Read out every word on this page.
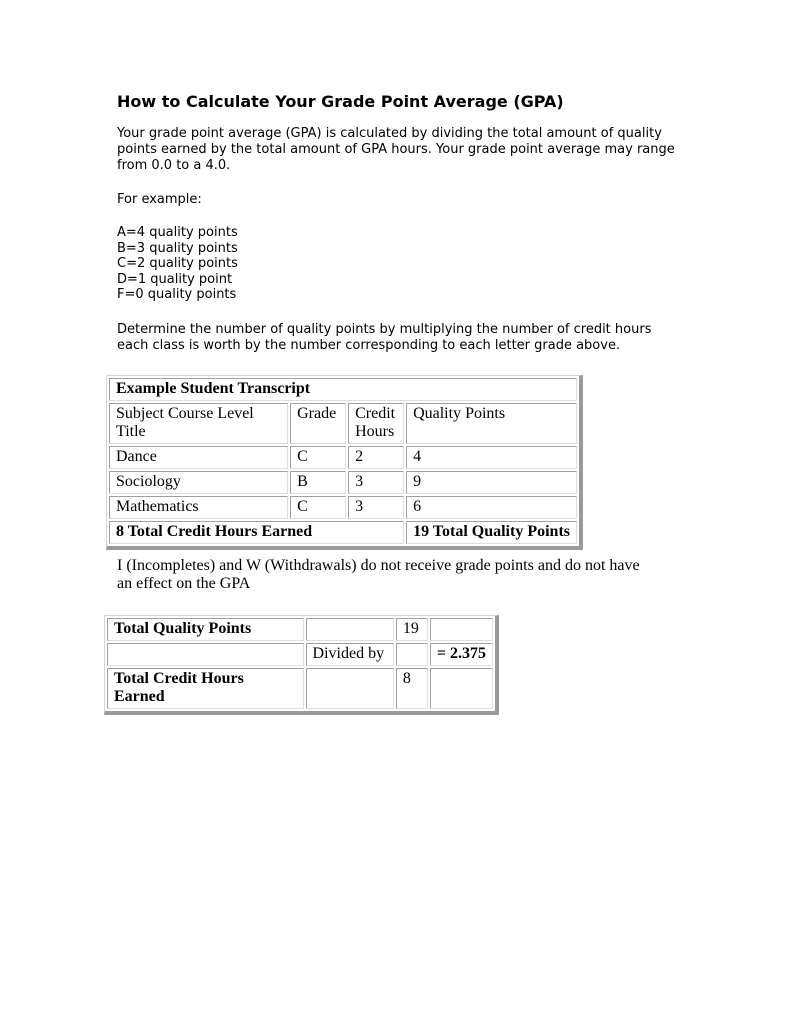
How to Calculate Your Grade Point Average (GPA)

Your grade point average (GPA) is calculated by dividing the total amount of quality points earned by the total amount of GPA hours. Your grade point average may range from 0.0 to a 4.0.

For example:

A=4 quality points
B=3 quality points
C=2 quality points
D=1 quality point
F=0 quality points

Determine the number of quality points by multiplying the number of credit hours each class is worth by the number corresponding to each letter grade above.

Example Student Transcript			
Subject Course Level Title	Grade	Credit Hours	Quality Points
Dance	C	2	4
Sociology	B	3	9
Mathematics	C	3	6
8 Total Credit Hours Earned			19 Total Quality Points

I (Incompletes) and W (Withdrawals) do not receive grade points and do not have an effect on the GPA

Total Quality Points		19	
	Divided by		= 2.375
Total Credit Hours Earned		8	
